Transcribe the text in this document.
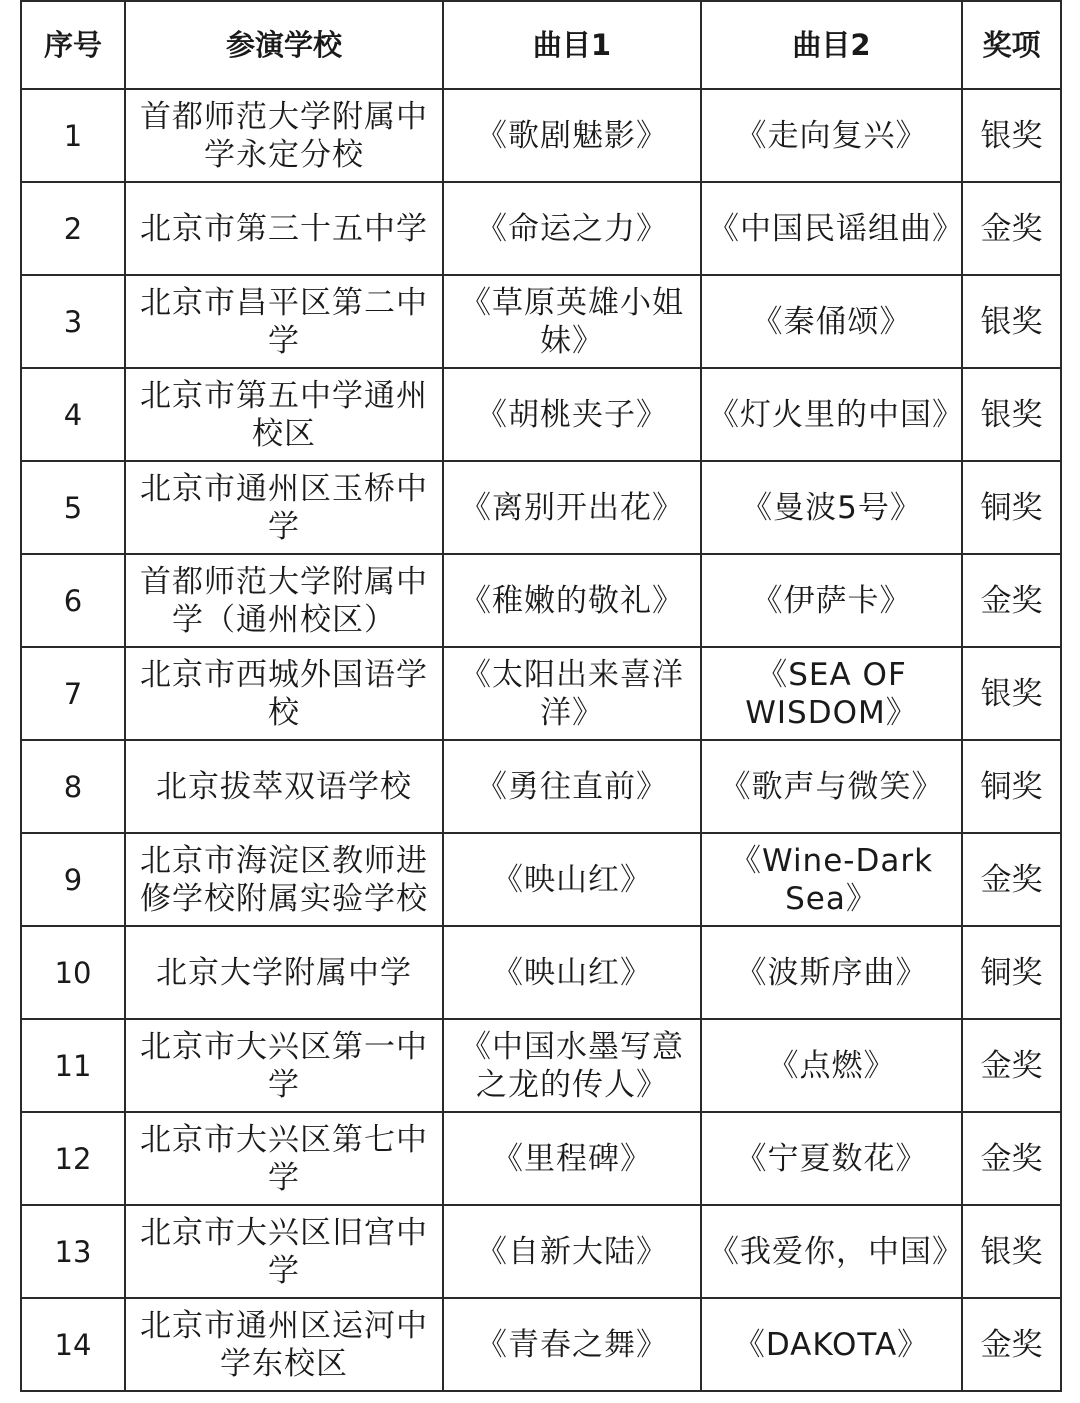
序号	参演学校	曲目1	曲目2	奖项
1	首都师范大学附属中学永定分校	《歌剧魅影》	《走向复兴》	银奖
2	北京市第三十五中学	《命运之力》	《中国民谣组曲》	金奖
3	北京市昌平区第二中学	《草原英雄小姐妹》	《秦俑颂》	银奖
4	北京市第五中学通州校区	《胡桃夹子》	《灯火里的中国》	银奖
5	北京市通州区玉桥中学	《离别开出花》	《曼波5号》	铜奖
6	首都师范大学附属中学（通州校区）	《稚嫩的敬礼》	《伊萨卡》	金奖
7	北京市西城外国语学校	《太阳出来喜洋洋》	《SEA OF WISDOM》	银奖
8	北京拔萃双语学校	《勇往直前》	《歌声与微笑》	铜奖
9	北京市海淀区教师进修学校附属实验学校	《映山红》	《Wine-Dark Sea》	金奖
10	北京大学附属中学	《映山红》	《波斯序曲》	铜奖
11	北京市大兴区第一中学	《中国水墨写意之龙的传人》	《点燃》	金奖
12	北京市大兴区第七中学	《里程碑》	《宁夏数花》	金奖
13	北京市大兴区旧宫中学	《自新大陆》	《我爱你，中国》	银奖
14	北京市通州区运河中学东校区	《青春之舞》	《DAKOTA》	金奖
